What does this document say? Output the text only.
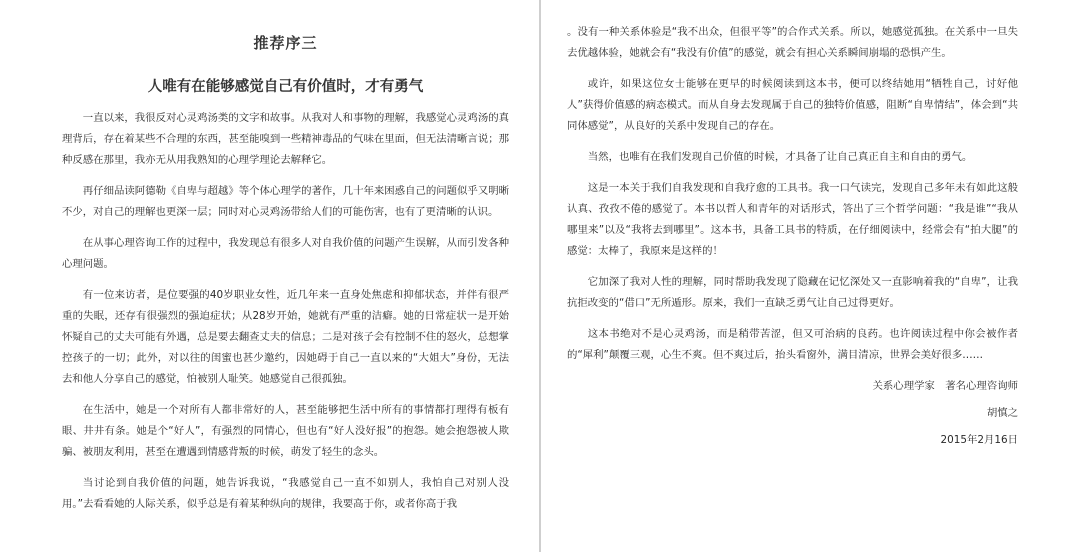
推荐序三
人唯有在能够感觉自己有价值时，才有勇气

一直以来，我很反对心灵鸡汤类的文字和故事。从我对人和事物的理解，我感觉心灵鸡汤的真理背后，存在着某些不合理的东西，甚至能嗅到一些精神毒品的气味在里面，但无法清晰言说；那种反感在那里，我亦无从用我熟知的心理学理论去解释它。

再仔细品读阿德勒《自卑与超越》等个体心理学的著作，几十年来困惑自己的问题似乎又明晰不少，对自己的理解也更深一层；同时对心灵鸡汤带给人们的可能伤害，也有了更清晰的认识。

在从事心理咨询工作的过程中，我发现总有很多人对自我价值的问题产生误解，从而引发各种心理问题。

有一位来访者，是位要强的40岁职业女性，近几年来一直身处焦虑和抑郁状态，并伴有很严重的失眠，还存有很强烈的强迫症状；从28岁开始，她就有严重的洁癖。她的日常症状一是开始怀疑自己的丈夫可能有外遇，总是要去翻查丈夫的信息；二是对孩子会有控制不住的怒火，总想掌控孩子的一切；此外，对以往的闺蜜也甚少邀约，因她碍于自己一直以来的“大姐大”身份，无法去和他人分享自己的感觉，怕被别人耻笑。她感觉自己很孤独。

在生活中，她是一个对所有人都非常好的人，甚至能够把生活中所有的事情都打理得有板有眼、井井有条。她是个“好人”，有强烈的同情心，但也有“好人没好报”的抱怨。她会抱怨被人欺骗、被朋友利用，甚至在遭遇到情感背叛的时候，萌发了轻生的念头。

当讨论到自我价值的问题，她告诉我说，“我感觉自己一直不如别人，我怕自己对别人没用。”去看看她的人际关系，似乎总是有着某种纵向的规律，我要高于你，或者你高于我

。没有一种关系体验是“我不出众，但很平等”的合作式关系。所以，她感觉孤独。在关系中一旦失去优越体验，她就会有“我没有价值”的感觉，就会有担心关系瞬间崩塌的恐惧产生。

或许，如果这位女士能够在更早的时候阅读到这本书，便可以终结她用“牺牲自己，讨好他人”获得价值感的病态模式。而从自身去发现属于自己的独特价值感，阻断“自卑情结”，体会到“共同体感觉”，从良好的关系中发现自己的存在。

当然，也唯有在我们发现自己价值的时候，才具备了让自己真正自主和自由的勇气。

这是一本关于我们自我发现和自我疗愈的工具书。我一口气读完，发现自己多年未有如此这般认真、孜孜不倦的感觉了。本书以哲人和青年的对话形式，答出了三个哲学问题：“我是谁”“我从哪里来”以及“我将去到哪里”。这本书，具备工具书的特质，在仔细阅读中，经常会有“拍大腿”的感觉：太棒了，我原来是这样的！

它加深了我对人性的理解，同时帮助我发现了隐藏在记忆深处又一直影响着我的“自卑”，让我抗拒改变的“借口”无所遁形。原来，我们一直缺乏勇气让自己过得更好。

这本书绝对不是心灵鸡汤，而是稍带苦涩，但又可治病的良药。也许阅读过程中你会被作者的“犀利”颠覆三观，心生不爽。但不爽过后，抬头看窗外，满目清凉，世界会美好很多……

关系心理学家　著名心理咨询师
胡慎之
2015年2月16日
